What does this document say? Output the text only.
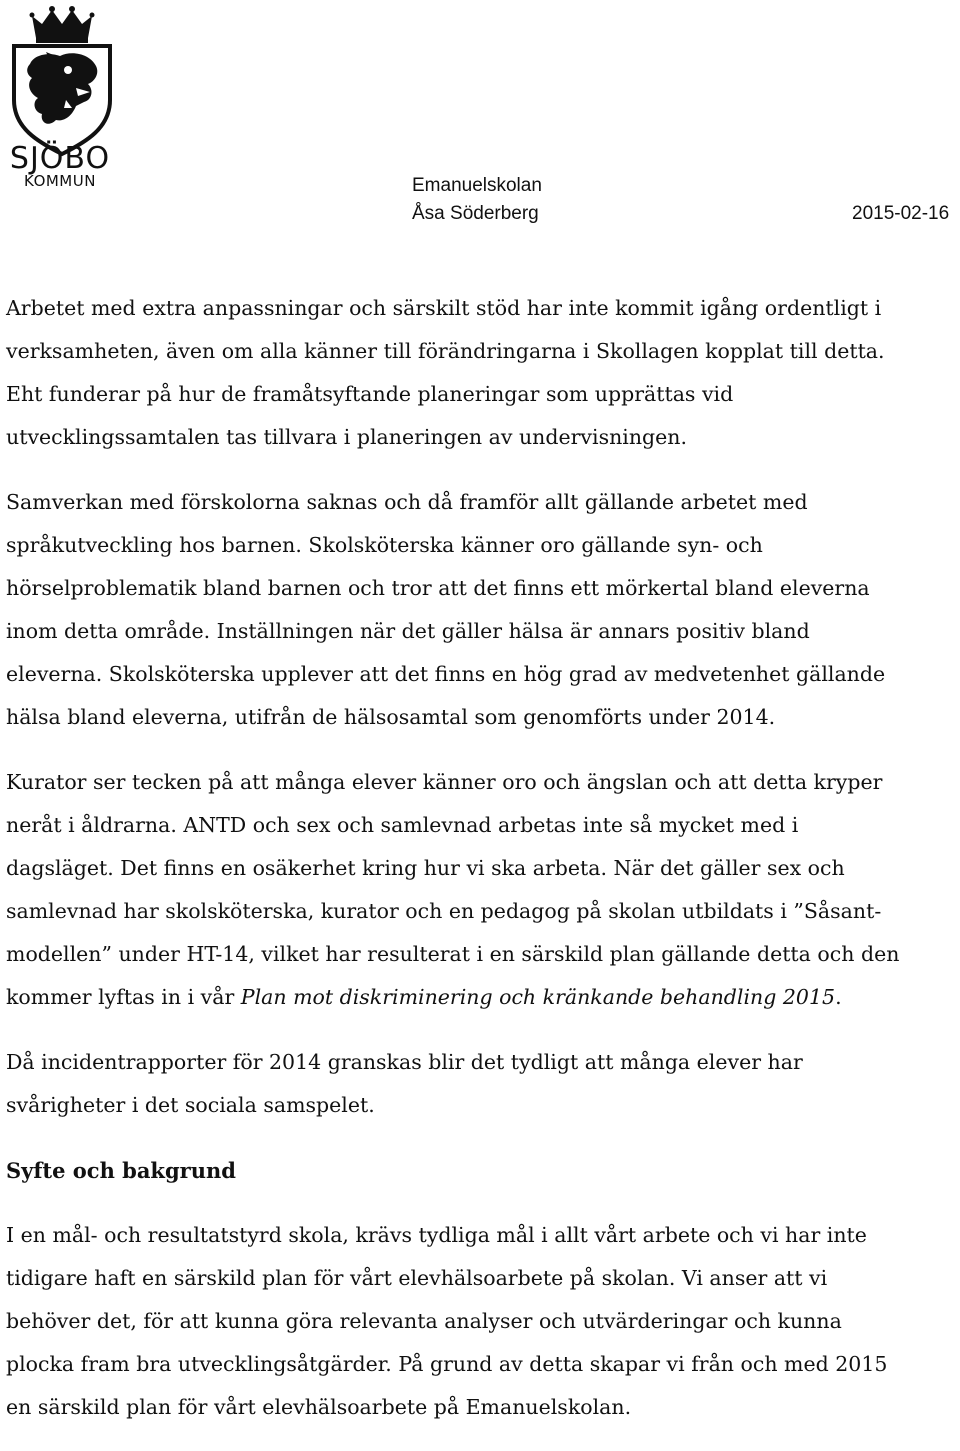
SJÖBO
KOMMUN	Emanuelskolan
Åsa Söderberg	2015-02-16
Arbetet med extra anpassningar och särskilt stöd har inte kommit igång ordentligt i
verksamheten, även om alla känner till förändringarna i Skollagen kopplat till detta.
Eht funderar på hur de framåtsyftande planeringar som upprättas vid
utvecklingssamtalen tas tillvara i planeringen av undervisningen.
Samverkan med förskolorna saknas och då framför allt gällande arbetet med
språkutveckling hos barnen. Skolsköterska känner oro gällande syn- och
hörselproblematik bland barnen och tror att det finns ett mörkertal bland eleverna
inom detta område. Inställningen när det gäller hälsa är annars positiv bland
eleverna. Skolsköterska upplever att det finns en hög grad av medvetenhet gällande
hälsa bland eleverna, utifrån de hälsosamtal som genomförts under 2014.
Kurator ser tecken på att många elever känner oro och ängslan och att detta kryper
neråt i åldrarna. ANTD och sex och samlevnad arbetas inte så mycket med i
dagsläget. Det finns en osäkerhet kring hur vi ska arbeta. När det gäller sex och
samlevnad har skolsköterska, kurator och en pedagog på skolan utbildats i ”Såsant-
modellen” under HT-14, vilket har resulterat i en särskild plan gällande detta och den
kommer lyftas in i vår Plan mot diskriminering och kränkande behandling 2015.
Då incidentrapporter för 2014 granskas blir det tydligt att många elever har
svårigheter i det sociala samspelet.
Syfte och bakgrund
I en mål- och resultatstyrd skola, krävs tydliga mål i allt vårt arbete och vi har inte
tidigare haft en särskild plan för vårt elevhälsoarbete på skolan. Vi anser att vi
behöver det, för att kunna göra relevanta analyser och utvärderingar och kunna
plocka fram bra utvecklingsåtgärder. På grund av detta skapar vi från och med 2015
en särskild plan för vårt elevhälsoarbete på Emanuelskolan.
